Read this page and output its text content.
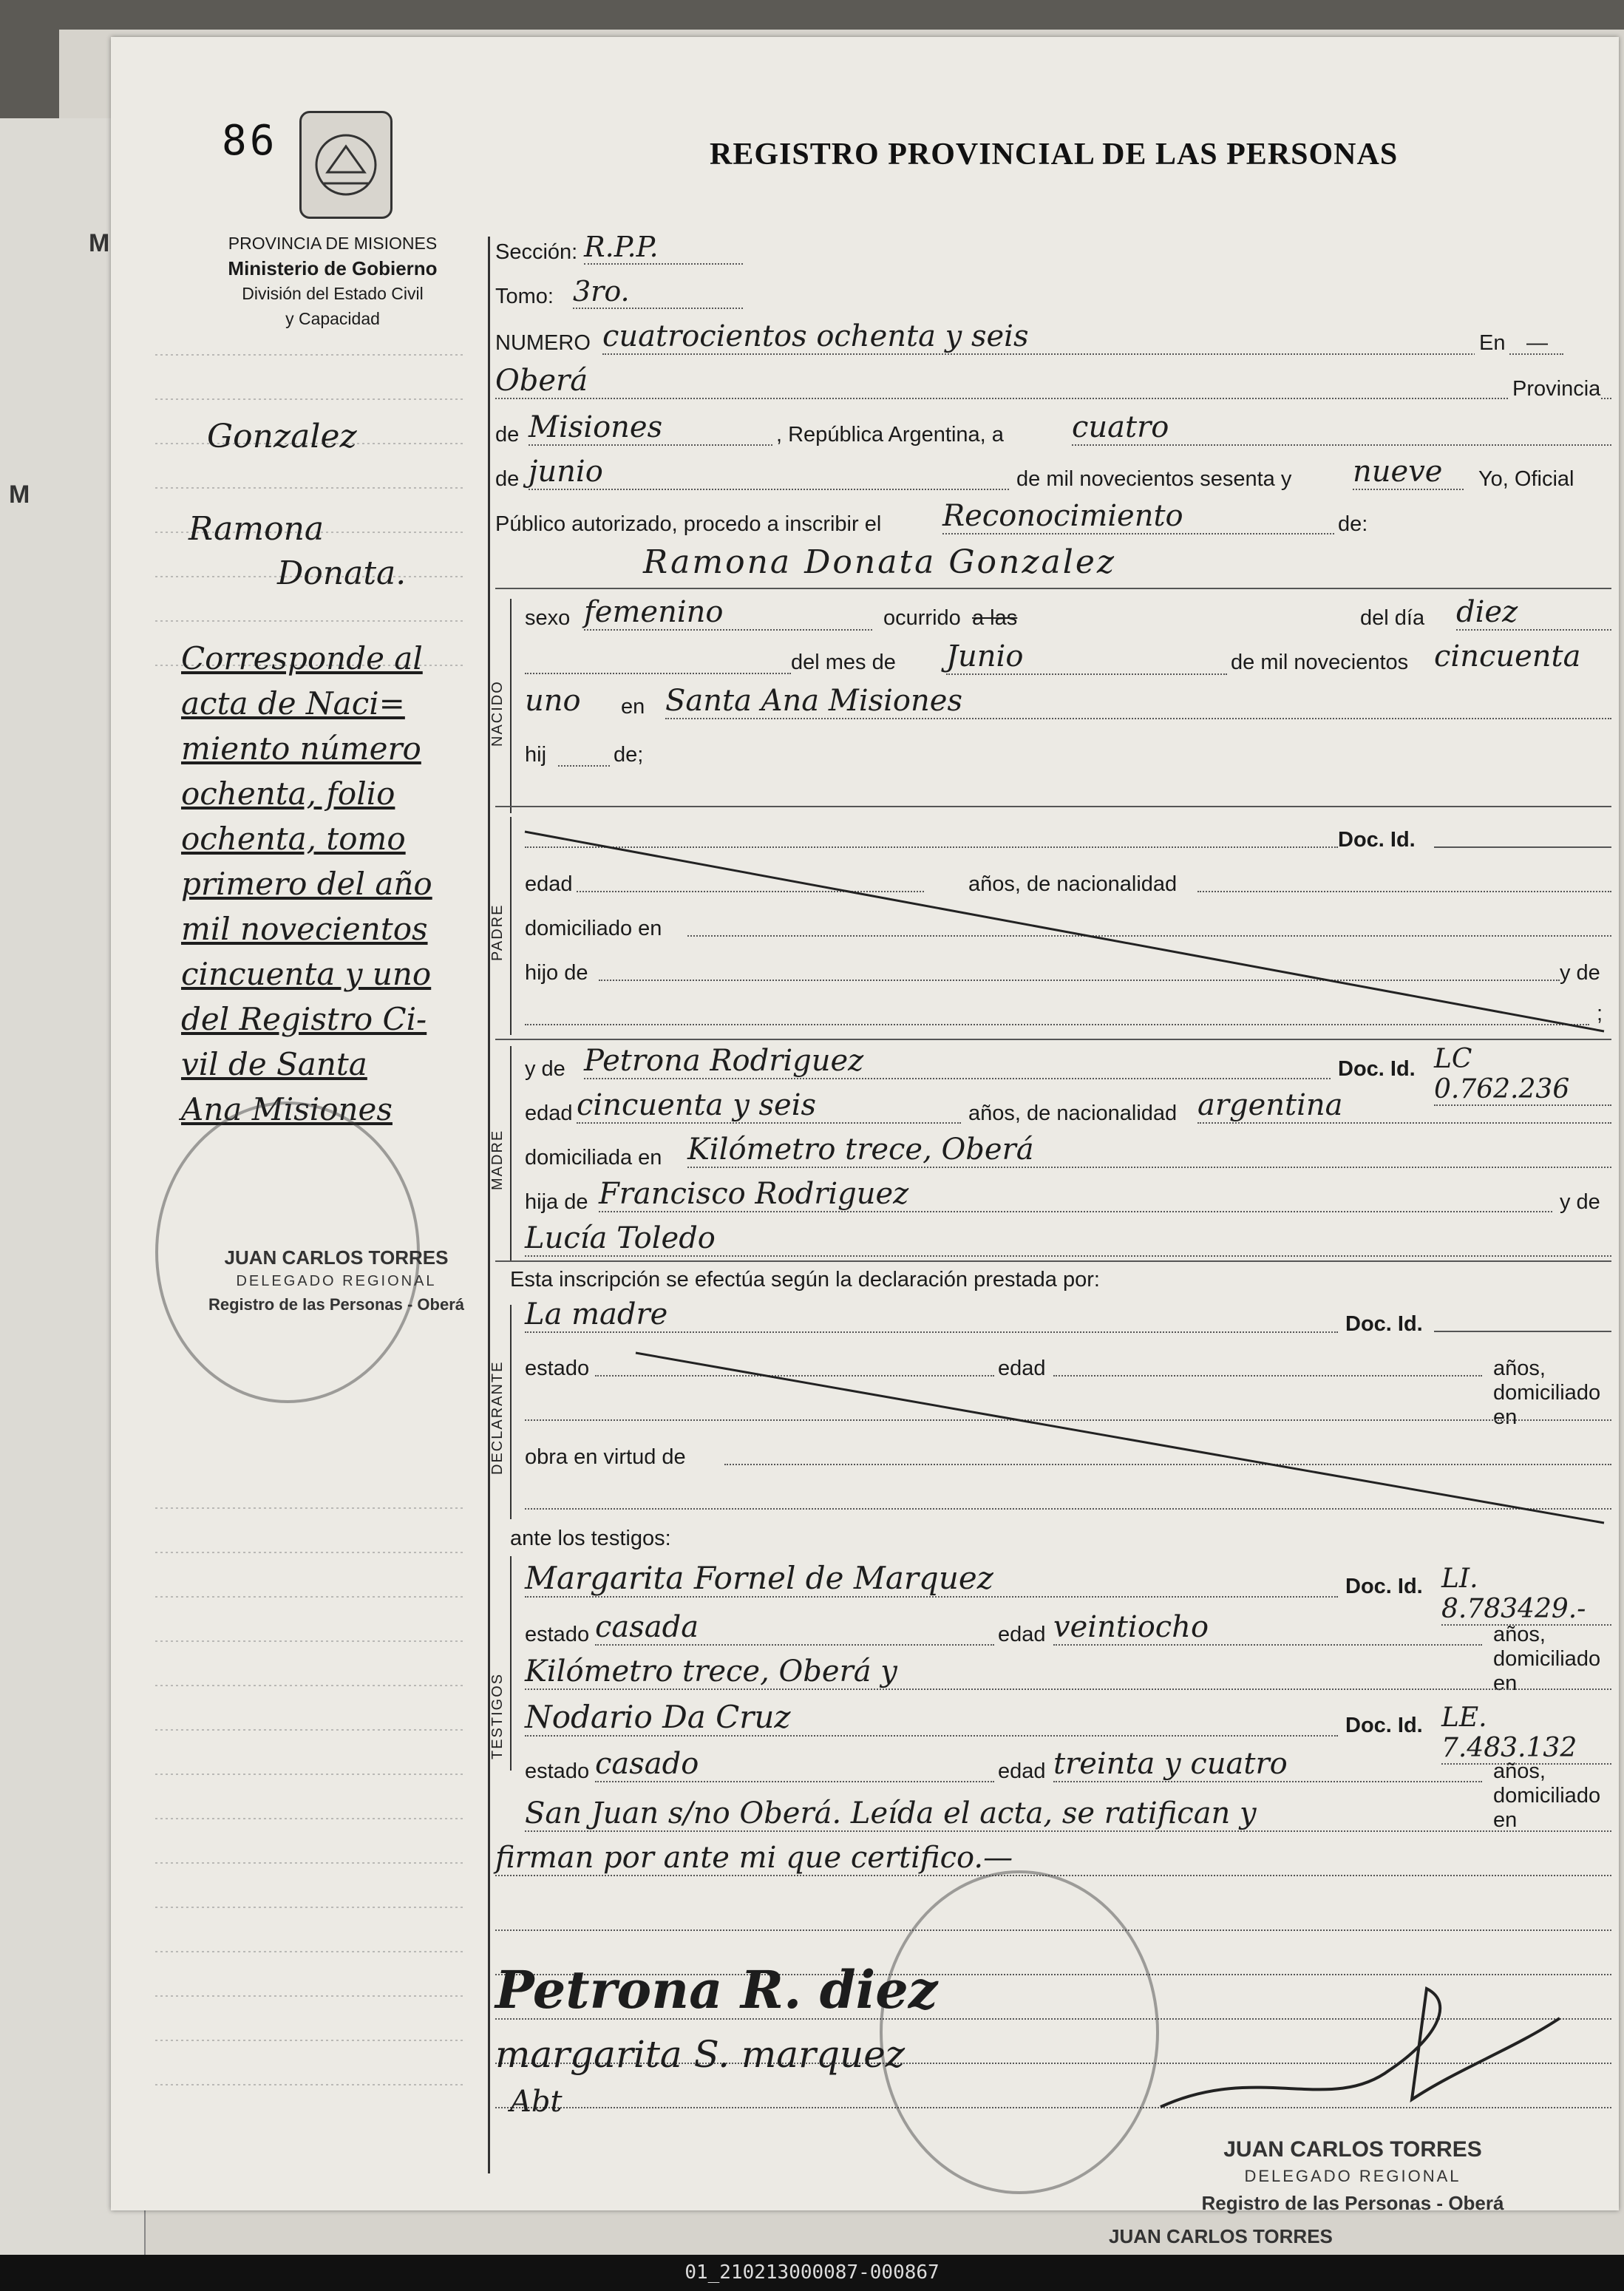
M
M
86	REGISTRO PROVINCIAL DE LAS PERSONAS
PROVINCIA DE MISIONES
Ministerio de Gobierno
División del Estado Civil
y Capacidad
Gonzalez
Ramona
Donata.
Corresponde al
acta de Naci=
miento número
ochenta, folio
ochenta, tomo
primero del año
mil novecientos
cincuenta y uno
del Registro Ci-
vil de Santa
Ana Misiones
JUAN CARLOS TORRES
DELEGADO REGIONAL
Registro de las Personas - Oberá
Sección: R.P.P.
Tomo: 3ro.
NUMERO cuatrocientos ochenta y seis	En —
Oberá	Provincia
de Misiones	, República Argentina, a cuatro
de junio	de mil novecientos sesenta y nueve	Yo, Oficial
Público autorizado, procedo a inscribir el Reconocimiento	de:
Ramona Donata Gonzalez
NACIDO
sexo femenino	ocurrido a las	del día diez
del mes de Junio	de mil novecientos cincuenta
uno en Santa Ana Misiones
hij	de;
PADRE
Doc. Id.
edad	años, de nacionalidad
domiciliado en
hijo de	y de
;
MADRE
y de Petrona Rodriguez	Doc. Id. LC 0.762.236
edad cincuenta y seis	años, de nacionalidad argentina
domiciliada en Kilómetro trece, Oberá
hija de Francisco Rodriguez	y de
Lucía Toledo
Esta inscripción se efectúa según la declaración prestada por:
DECLARANTE
La madre	Doc. Id.
estado	edad	años, domiciliado en
obra en virtud de
ante los testigos:
TESTIGOS
Margarita Fornel de Marquez	Doc. Id. LI. 8.783429.-
estado casada	edad veintiocho	años, domiciliado en
Kilómetro trece, Oberá y
Nodario Da Cruz	Doc. Id. LE. 7.483.132
estado casado	edad treinta y cuatro	años, domiciliado en
San Juan s/no Oberá. Leída el acta, se ratifican y
firman por ante mi que certifico.—
Petrona R. diez
margarita S. marquez
Abt
JUAN CARLOS TORRES
DELEGADO REGIONAL
Registro de las Personas - Oberá
JUAN CARLOS TORRES
01_210213000087-000867
